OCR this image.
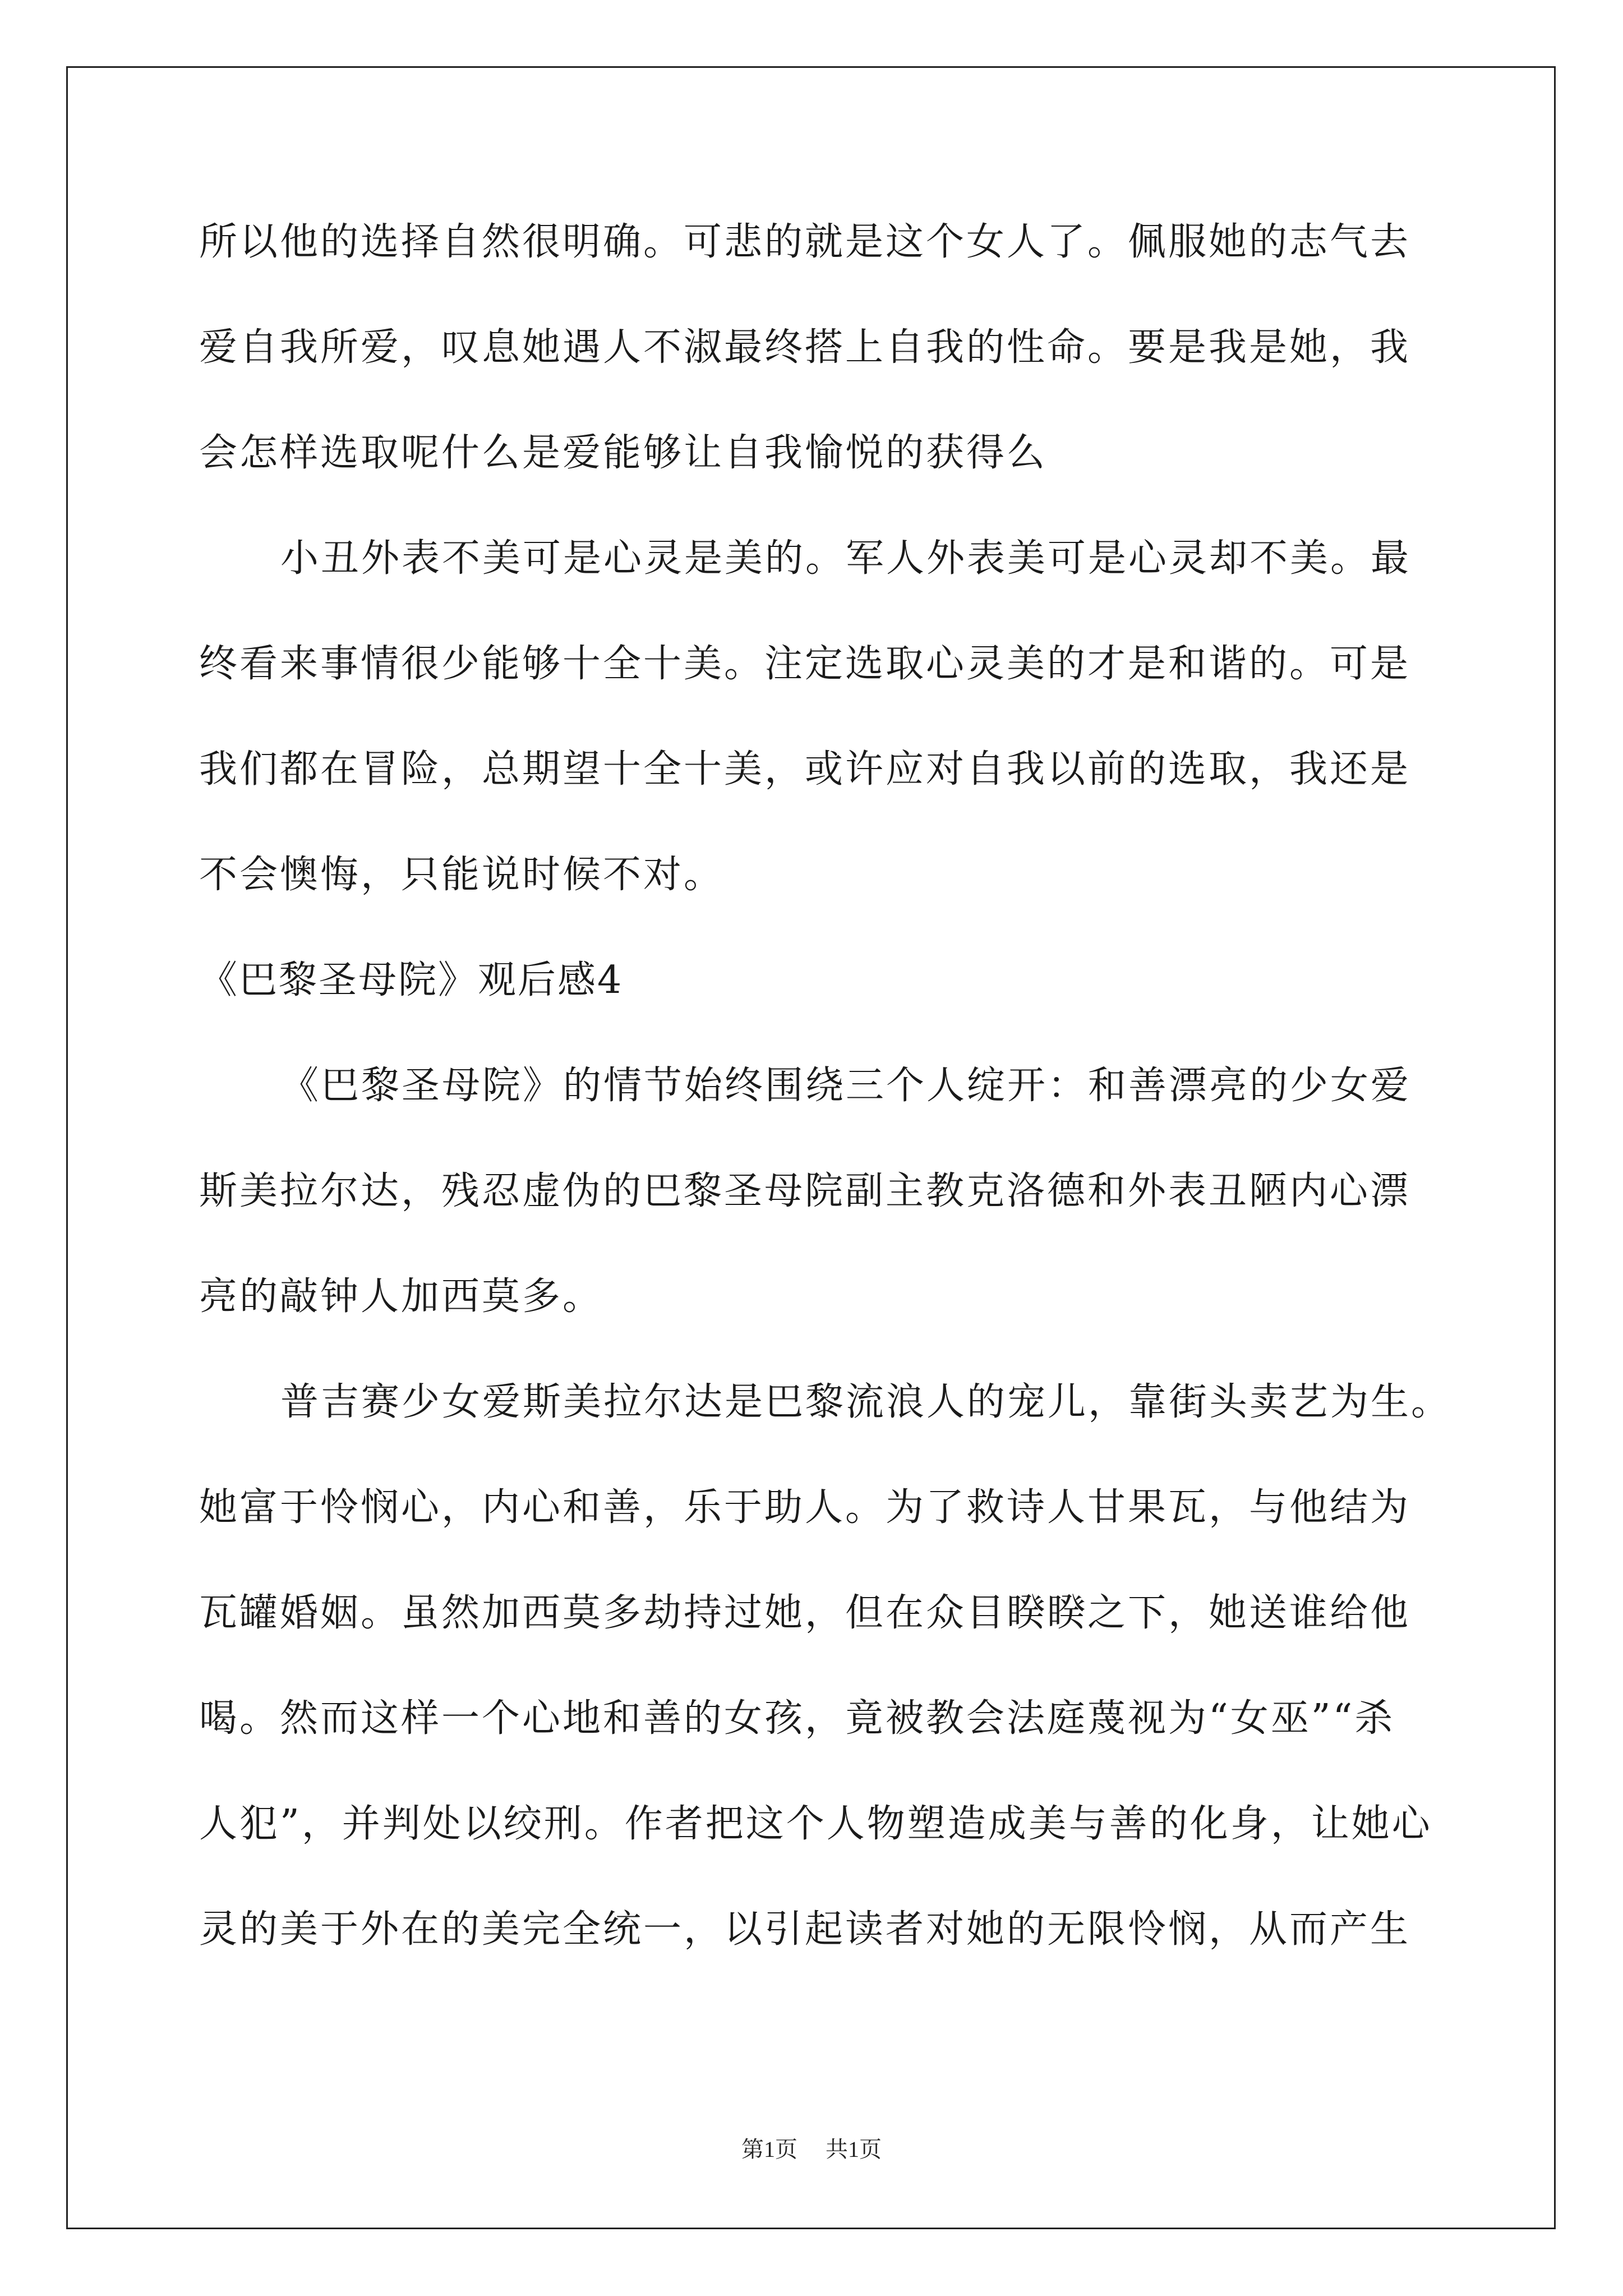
所以他的选择自然很明确。可悲的就是这个女人了。佩服她的志气去
爱自我所爱，叹息她遇人不淑最终搭上自我的性命。要是我是她，我
会怎样选取呢什么是爱能够让自我愉悦的获得么
小丑外表不美可是心灵是美的。军人外表美可是心灵却不美。最
终看来事情很少能够十全十美。注定选取心灵美的才是和谐的。可是
我们都在冒险，总期望十全十美，或许应对自我以前的选取，我还是
不会懊悔，只能说时候不对。
《巴黎圣母院》观后感4
《巴黎圣母院》的情节始终围绕三个人绽开：和善漂亮的少女爱
斯美拉尔达，残忍虚伪的巴黎圣母院副主教克洛德和外表丑陋内心漂
亮的敲钟人加西莫多。
普吉赛少女爱斯美拉尔达是巴黎流浪人的宠儿，靠街头卖艺为生。
她富于怜悯心，内心和善，乐于助人。为了救诗人甘果瓦，与他结为
瓦罐婚姻。虽然加西莫多劫持过她，但在众目睽睽之下，她送谁给他
喝。然而这样一个心地和善的女孩，竟被教会法庭蔑视为“女巫”“杀
人犯”，并判处以绞刑。作者把这个人物塑造成美与善的化身，让她心
灵的美于外在的美完全统一，以引起读者对她的无限怜悯，从而产生
第1页 共1页
